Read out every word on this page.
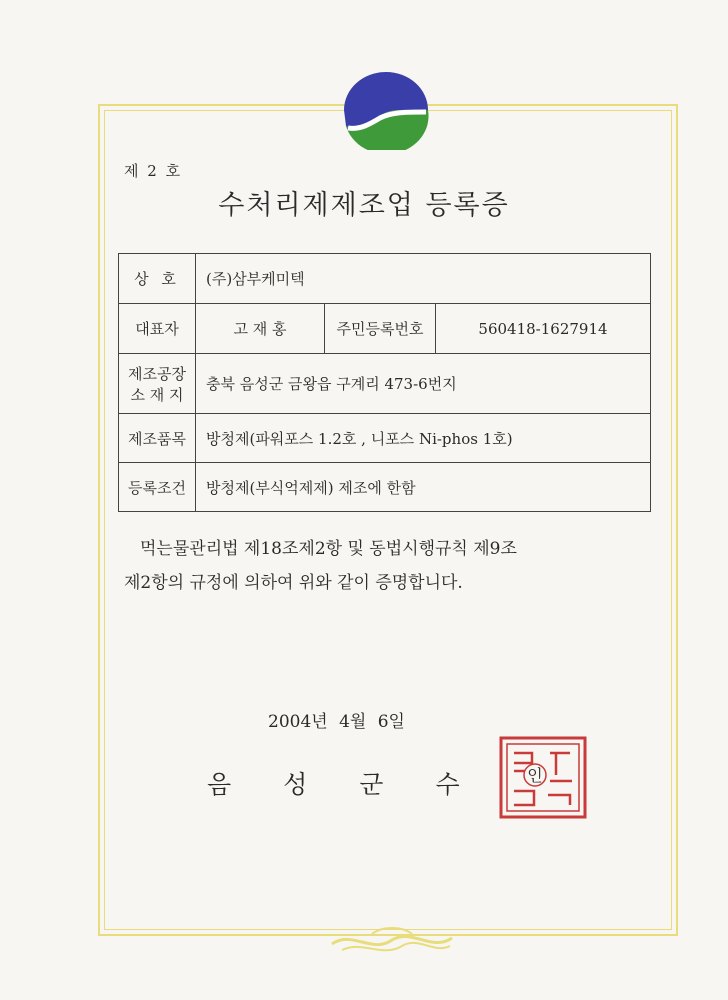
제 2 호
수처리제제조업 등록증
상 호	(주)삼부케미텍		
대표자	고 재 홍	주민등록번호	560418-1627914

제조공장
소 재 지	충북 음성군 금왕읍 구계리 473-6번지		
제조품목	방청제(파워포스 1.2호 , 니포스 Ni-phos 1호)		
등록조건	방청제(부식억제제) 제조에 한함		
먹는물관리법 제18조제2항 및 동법시행규칙 제9조
제2항의 규정에 의하여 위와 같이 증명합니다.
2004년 4월 6일
음성군수 인
